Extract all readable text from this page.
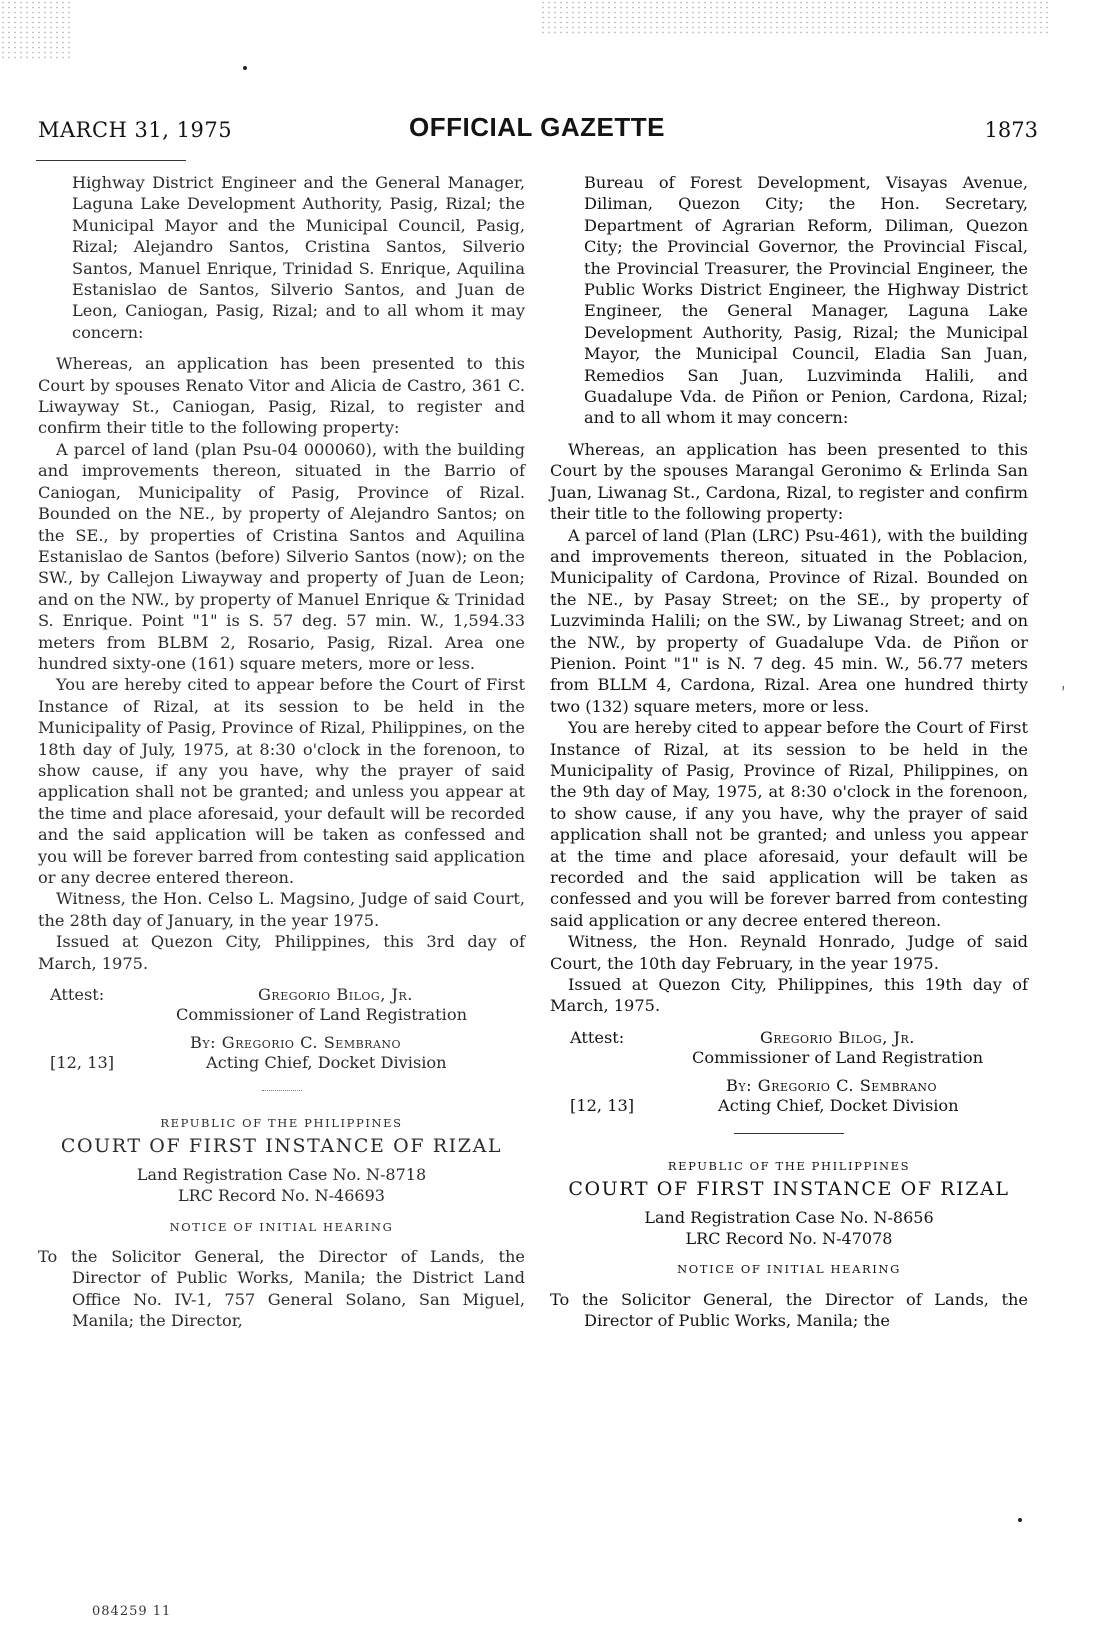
MARCH 31, 1975	OFFICIAL GAZETTE	1873

Highway District Engineer and the General Manager, Laguna Lake Development Authority, Pasig, Rizal; the Municipal Mayor and the Municipal Council, Pasig, Rizal; Alejandro Santos, Cristina Santos, Silverio Santos, Manuel Enrique, Trinidad S. Enrique, Aquilina Estanislao de Santos, Silverio Santos, and Juan de Leon, Caniogan, Pasig, Rizal; and to all whom it may concern:

Whereas, an application has been presented to this Court by spouses Renato Vitor and Alicia de Castro, 361 C. Liwayway St., Caniogan, Pasig, Rizal, to register and confirm their title to the following property:

A parcel of land (plan Psu-04 000060), with the building and improvements thereon, situated in the Barrio of Caniogan, Municipality of Pasig, Province of Rizal. Bounded on the NE., by property of Alejandro Santos; on the SE., by properties of Cristina Santos and Aquilina Estanislao de Santos (before) Silverio Santos (now); on the SW., by Callejon Liwayway and property of Juan de Leon; and on the NW., by property of Manuel Enrique & Trinidad S. Enrique. Point "1" is S. 57 deg. 57 min. W., 1,594.33 meters from BLBM 2, Rosario, Pasig, Rizal. Area one hundred sixty-one (161) square meters, more or less.

You are hereby cited to appear before the Court of First Instance of Rizal, at its session to be held in the Municipality of Pasig, Province of Rizal, Philippines, on the 18th day of July, 1975, at 8:30 o'clock in the forenoon, to show cause, if any you have, why the prayer of said application shall not be granted; and unless you appear at the time and place aforesaid, your default will be recorded and the said application will be taken as confessed and you will be forever barred from contesting said application or any decree entered thereon.

Witness, the Hon. Celso L. Magsino, Judge of said Court, the 28th day of January, in the year 1975.

Issued at Quezon City, Philippines, this 3rd day of March, 1975.

Attest:	Gregorio Bilog, Jr.
Commissioner of Land Registration
By: Gregorio C. Sembrano
[12, 13]	Acting Chief, Docket Division
REPUBLIC OF THE PHILIPPINES
COURT OF FIRST INSTANCE OF RIZAL
Land Registration Case No. N-8718
LRC Record No. N-46693
NOTICE OF INITIAL HEARING

To the Solicitor General, the Director of Lands, the Director of Public Works, Manila; the District Land Office No. IV-1, 757 General Solano, San Miguel, Manila; the Director,

Bureau of Forest Development, Visayas Avenue, Diliman, Quezon City; the Hon. Secretary, Department of Agrarian Reform, Diliman, Quezon City; the Provincial Governor, the Provincial Fiscal, the Provincial Treasurer, the Provincial Engineer, the Public Works District Engineer, the Highway District Engineer, the General Manager, Laguna Lake Development Authority, Pasig, Rizal; the Municipal Mayor, the Municipal Council, Eladia San Juan, Remedios San Juan, Luzviminda Halili, and Guadalupe Vda. de Piñon or Penion, Cardona, Rizal; and to all whom it may concern:

Whereas, an application has been presented to this Court by the spouses Marangal Geronimo & Erlinda San Juan, Liwanag St., Cardona, Rizal, to register and confirm their title to the following property:

A parcel of land (Plan (LRC) Psu-461), with the building and improvements thereon, situated in the Poblacion, Municipality of Cardona, Province of Rizal. Bounded on the NE., by Pasay Street; on the SE., by property of Luzviminda Halili; on the SW., by Liwanag Street; and on the NW., by property of Guadalupe Vda. de Piñon or Pienion. Point "1" is N. 7 deg. 45 min. W., 56.77 meters from BLLM 4, Cardona, Rizal. Area one hundred thirty two (132) square meters, more or less.

You are hereby cited to appear before the Court of First Instance of Rizal, at its session to be held in the Municipality of Pasig, Province of Rizal, Philippines, on the 9th day of May, 1975, at 8:30 o'clock in the forenoon, to show cause, if any you have, why the prayer of said application shall not be granted; and unless you appear at the time and place aforesaid, your default will be recorded and the said application will be taken as confessed and you will be forever barred from contesting said application or any decree entered thereon.

Witness, the Hon. Reynald Honrado, Judge of said Court, the 10th day February, in the year 1975.

Issued at Quezon City, Philippines, this 19th day of March, 1975.

Attest:	Gregorio Bilog, Jr.
Commissioner of Land Registration
By: Gregorio C. Sembrano
[12, 13]	Acting Chief, Docket Division
REPUBLIC OF THE PHILIPPINES
COURT OF FIRST INSTANCE OF RIZAL
Land Registration Case No. N-8656
LRC Record No. N-47078
NOTICE OF INITIAL HEARING

To the Solicitor General, the Director of Lands, the Director of Public Works, Manila; the

084259 11
׳
